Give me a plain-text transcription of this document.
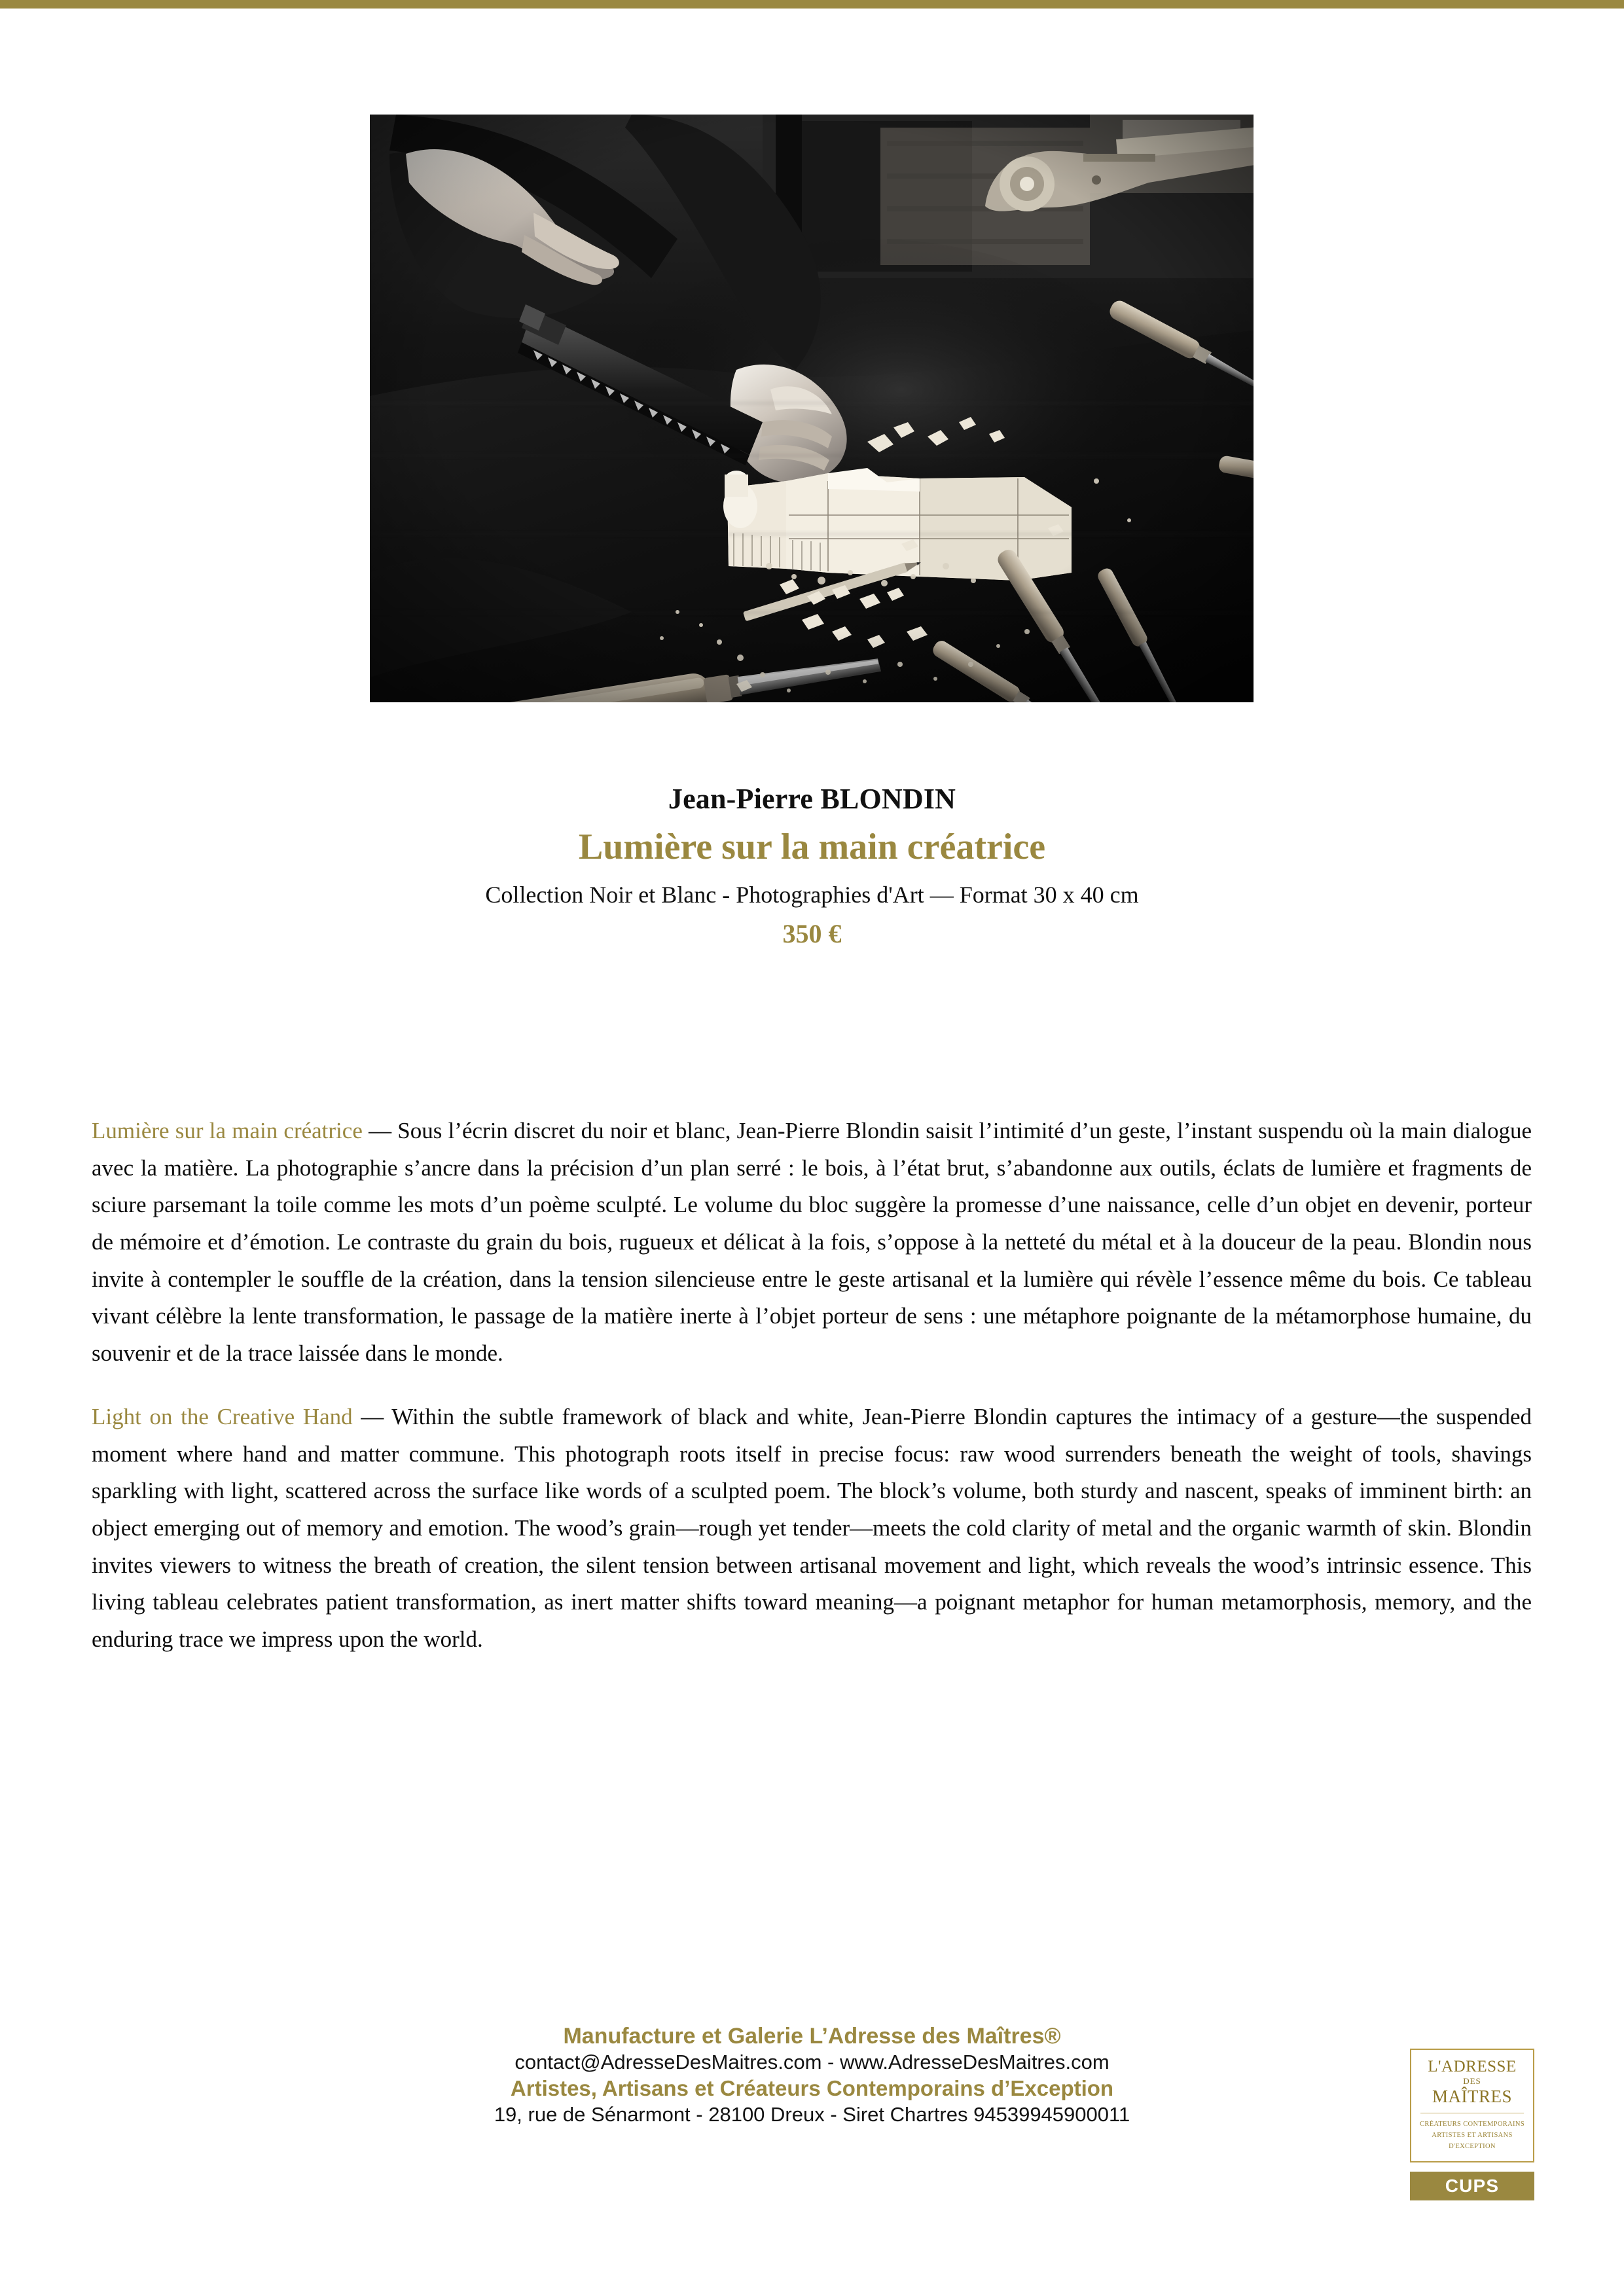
Jean-Pierre BLONDIN
Lumière sur la main créatrice
Collection Noir et Blanc - Photographies d'Art — Format 30 x 40 cm
350 €

Lumière sur la main créatrice — Sous l’écrin discret du noir et blanc, Jean-Pierre Blondin saisit l’intimité d’un geste, l’instant suspendu où la main dialogue avec la matière. La photographie s’ancre dans la précision d’un plan serré : le bois, à l’état brut, s’abandonne aux outils, éclats de lumière et fragments de sciure parsemant la toile comme les mots d’un poème sculpté. Le volume du bloc suggère la promesse d’une naissance, celle d’un objet en devenir, porteur de mémoire et d’émotion. Le contraste du grain du bois, rugueux et délicat à la fois, s’oppose à la netteté du métal et à la douceur de la peau. Blondin nous invite à contempler le souffle de la création, dans la tension silencieuse entre le geste artisanal et la lumière qui révèle l’essence même du bois. Ce tableau vivant célèbre la lente transformation, le passage de la matière inerte à l’objet porteur de sens : une métaphore poignante de la métamorphose humaine, du souvenir et de la trace laissée dans le monde.

Light on the Creative Hand — Within the subtle framework of black and white, Jean-Pierre Blondin captures the intimacy of a gesture—the suspended moment where hand and matter commune. This photograph roots itself in precise focus: raw wood surrenders beneath the weight of tools, shavings sparkling with light, scattered across the surface like words of a sculpted poem. The block’s volume, both sturdy and nascent, speaks of imminent birth: an object emerging out of memory and emotion. The wood’s grain—rough yet tender—meets the cold clarity of metal and the organic warmth of skin. Blondin invites viewers to witness the breath of creation, the silent tension between artisanal movement and light, which reveals the wood’s intrinsic essence. This living tableau celebrates patient transformation, as inert matter shifts toward meaning—a poignant metaphor for human metamorphosis, memory, and the enduring trace we impress upon the world.

Manufacture et Galerie L’Adresse des Maîtres®
contact@AdresseDesMaitres.com - www.AdresseDesMaitres.com
Artistes, Artisans et Créateurs Contemporains d’Exception
19, rue de Sénarmont - 28100 Dreux - Siret Chartres 94539945900011
L'ADRESSE
DES
MAÎTRES
CRÉATEURS CONTEMPORAINS
ARTISTES ET ARTISANS
D'EXCEPTION
CUPS
